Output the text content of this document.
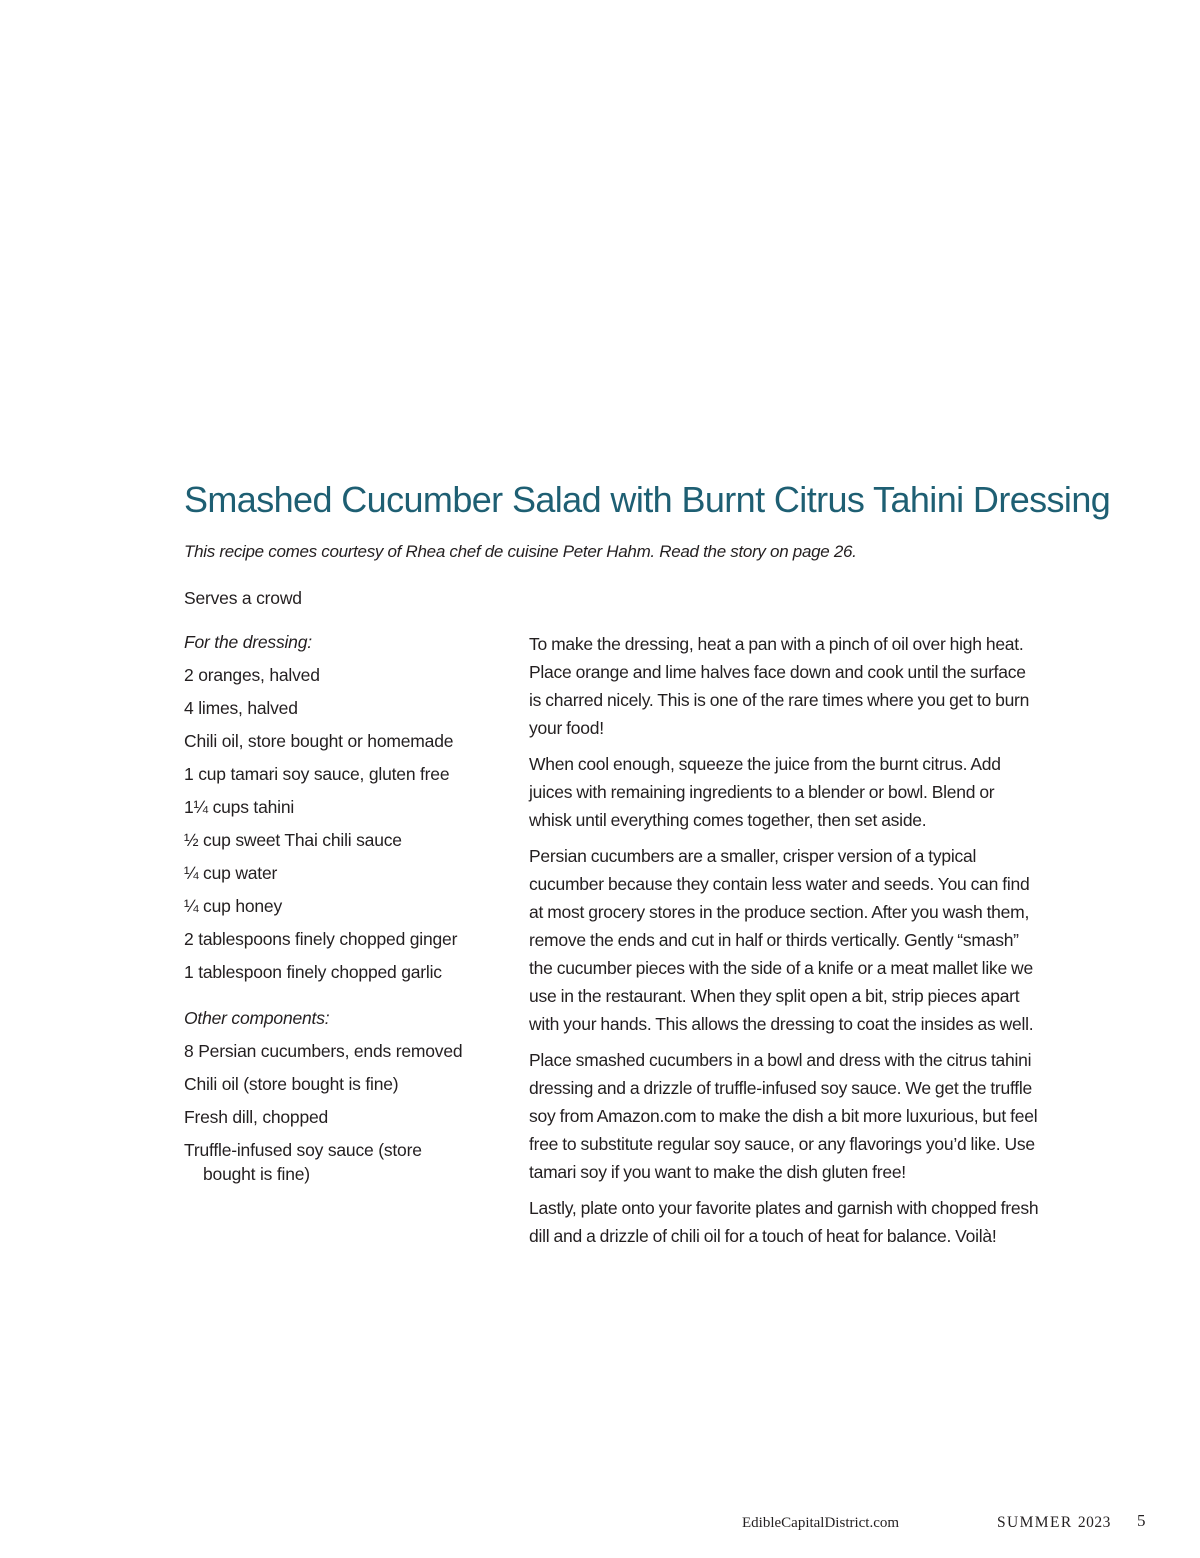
Smashed Cucumber Salad with Burnt Citrus Tahini Dressing

This recipe comes courtesy of Rhea chef de cuisine Peter Hahm. Read the story on page 26.

Serves a crowd

For the dressing:

2 oranges, halved
4 limes, halved
Chili oil, store bought or homemade
1 cup tamari soy sauce, gluten free
1¼ cups tahini
½ cup sweet Thai chili sauce
¼ cup water
¼ cup honey
2 tablespoons finely chopped ginger
1 tablespoon finely chopped garlic

Other components:

8 Persian cucumbers, ends removed
Chili oil (store bought is fine)
Fresh dill, chopped
Truffle-infused soy sauce (store bought is fine)

To make the dressing, heat a pan with a pinch of oil over high heat. Place orange and lime halves face down and cook until the surface is charred nicely. This is one of the rare times where you get to burn your food!

When cool enough, squeeze the juice from the burnt citrus. Add juices with remaining ingredients to a blender or bowl. Blend or whisk until everything comes together, then set aside.

Persian cucumbers are a smaller, crisper version of a typical cucumber because they contain less water and seeds. You can find at most grocery stores in the produce section. After you wash them, remove the ends and cut in half or thirds vertically. Gently “smash” the cucumber pieces with the side of a knife or a meat mallet like we use in the restaurant. When they split open a bit, strip pieces apart with your hands. This allows the dressing to coat the insides as well.

Place smashed cucumbers in a bowl and dress with the citrus tahini dressing and a drizzle of truffle-infused soy sauce. We get the truffle soy from Amazon.com to make the dish a bit more luxurious, but feel free to substitute regular soy sauce, or any flavorings you’d like. Use tamari soy if you want to make the dish gluten free!

Lastly, plate onto your favorite plates and garnish with chopped fresh dill and a drizzle of chili oil for a touch of heat for balance. Voilà!

EdibleCapitalDistrict.com	SUMMER 2023 5
